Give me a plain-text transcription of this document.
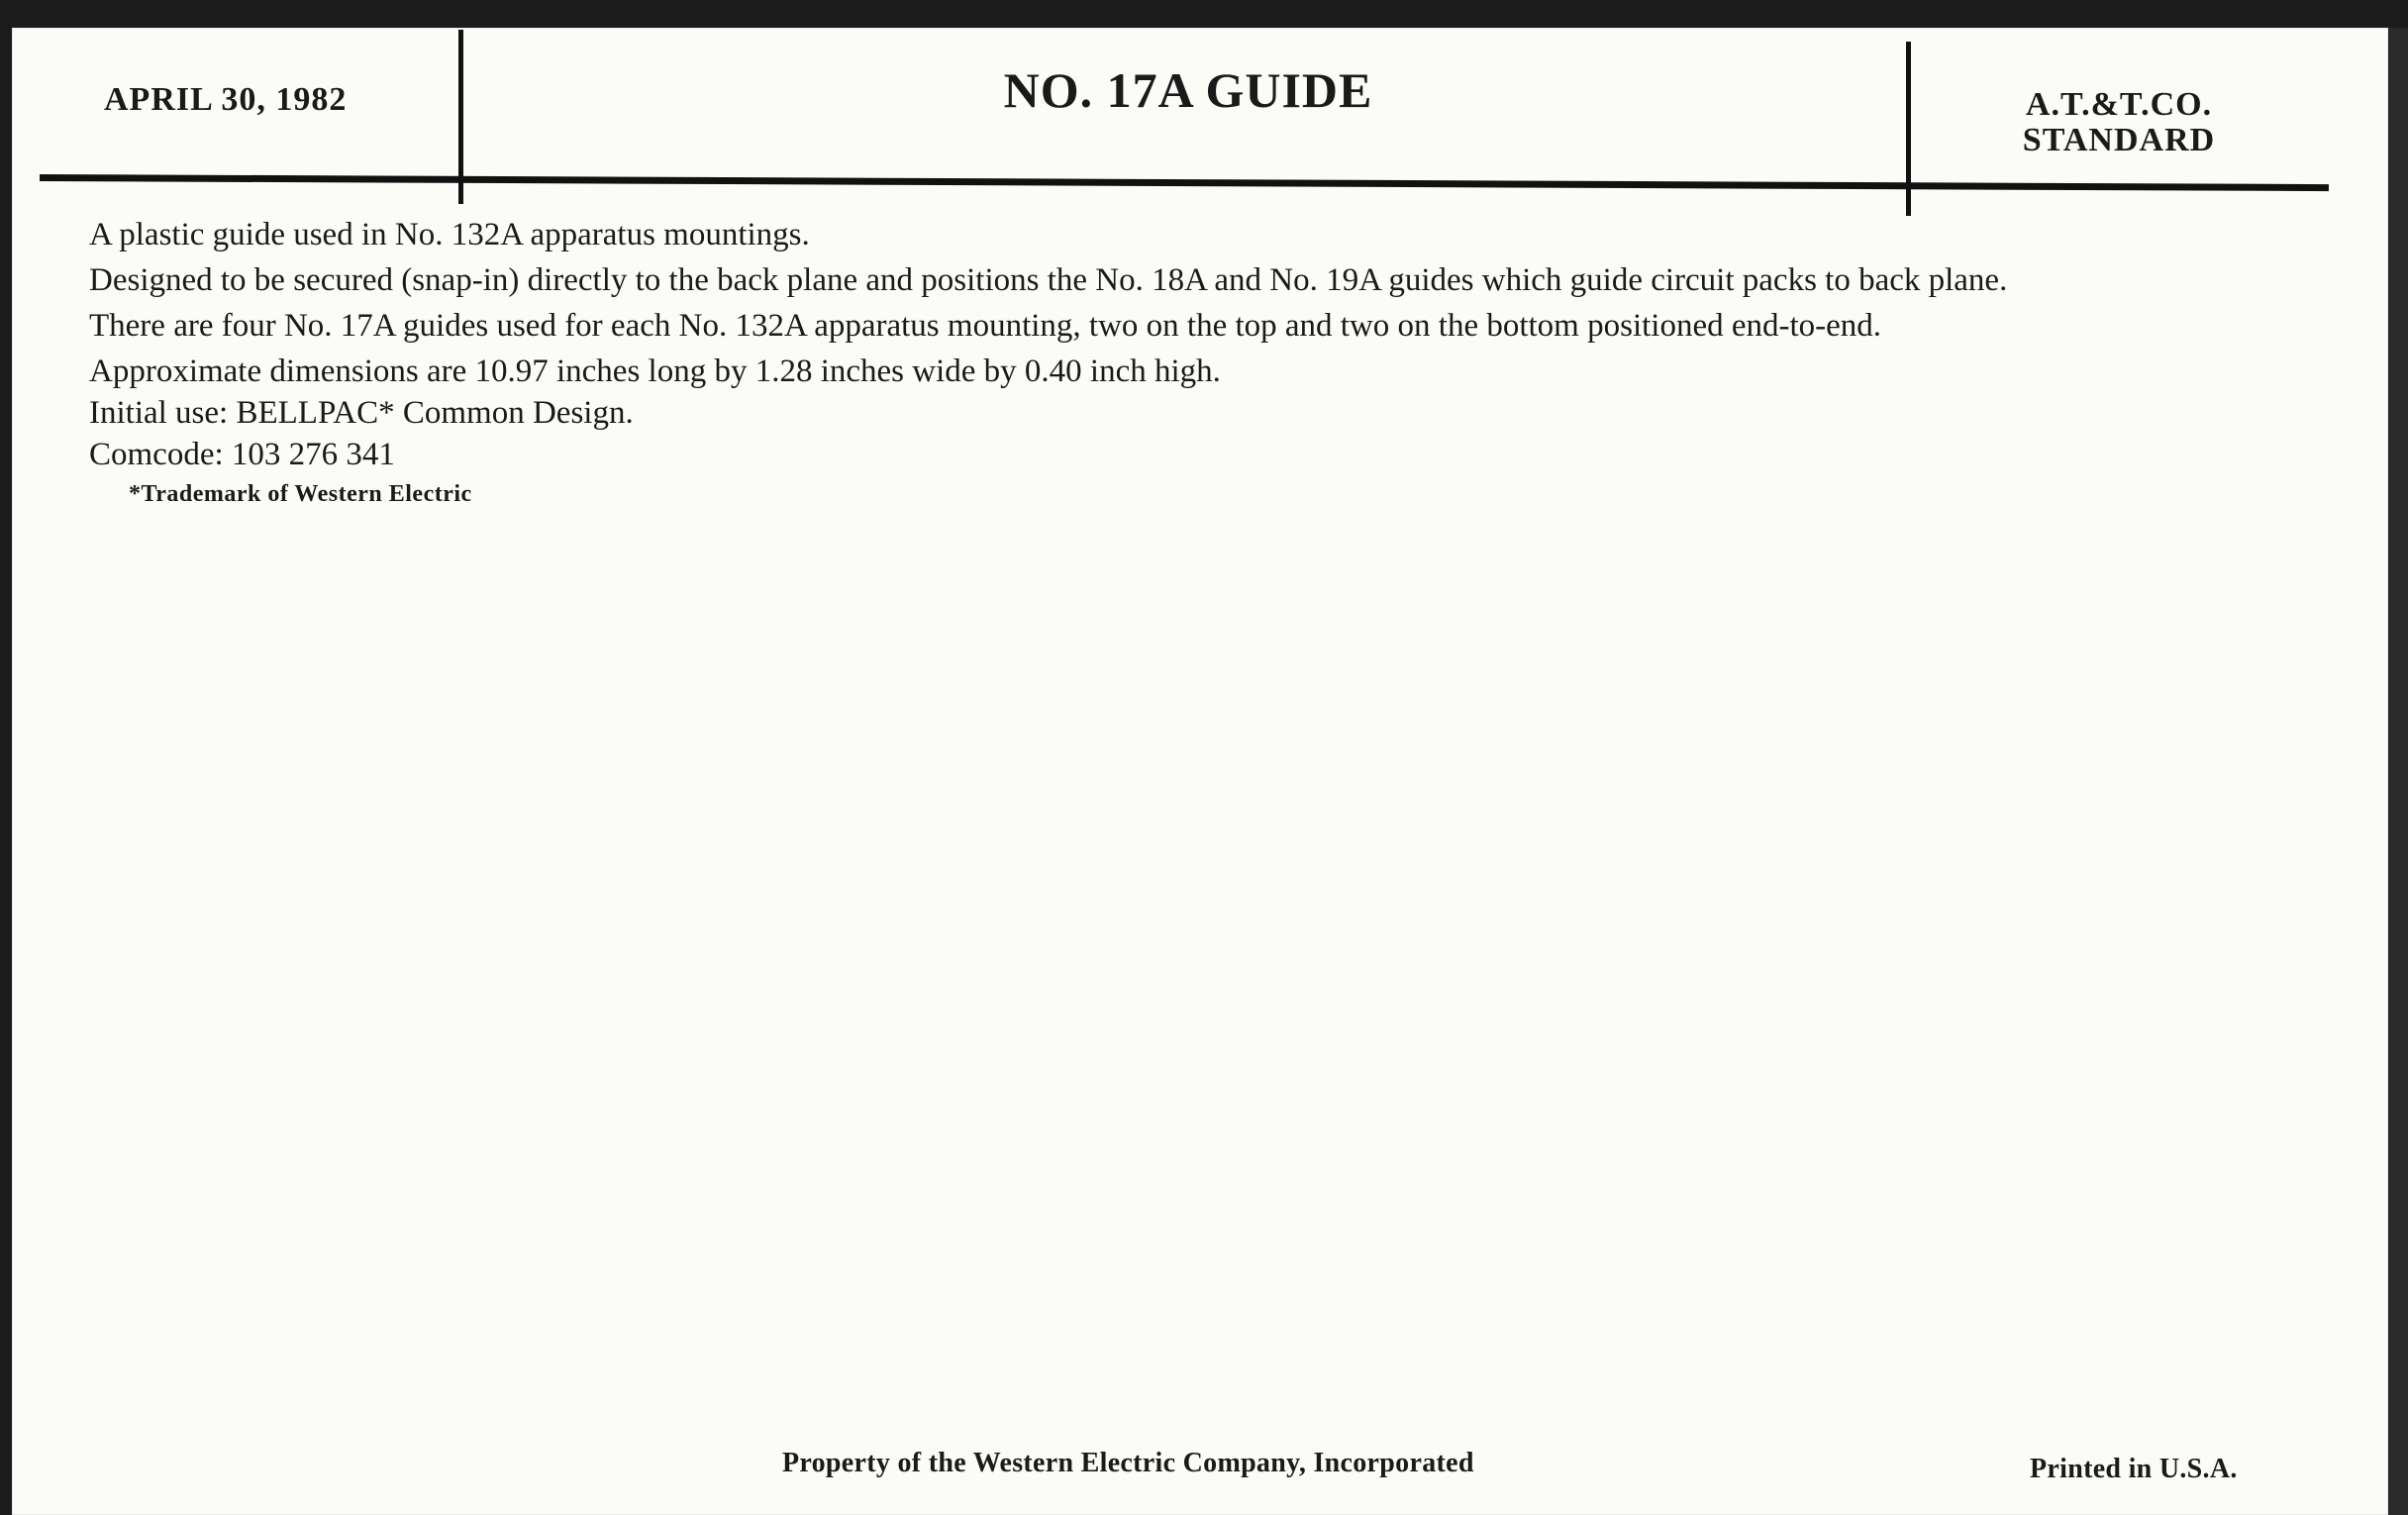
APRIL 30, 1982	NO. 17A GUIDE	A.T.&T.CO.
STANDARD

A plastic guide used in No. 132A apparatus mountings.

Designed to be secured (snap-in) directly to the back plane and positions the No. 18A and No. 19A guides which guide circuit packs to back plane.

There are four No. 17A guides used for each No. 132A apparatus mounting, two on the top and two on the bottom positioned end-to-end.

Approximate dimensions are 10.97 inches long by 1.28 inches wide by 0.40 inch high.

Initial use: BELLPAC* Common Design.

Comcode: 103 276 341

*Trademark of Western Electric
Property of the Western Electric Company, Incorporated	Printed in U.S.A.
